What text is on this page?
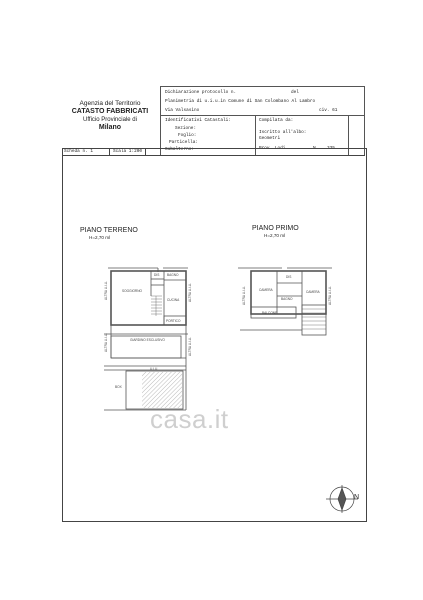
Agenzia del Territorio
CATASTO FABBRICATI
Ufficio Provinciale di
Milano
Dichiarazione protocollo n.	del
Planimetria di u.i.u.in Comune di San Colombano Al Lambro
Via Valsasino	civ. 61
Identificativi Catastali:
Sezione:
Foglio:
Particella:
Subalterno:
Compilata da:
Iscritto all'albo:
Geometri
Prov. Lodi	N. 335
Scheda n. 1	Scala 1:200
PIANO TERRENO
H=2,70 ml
PIANO PRIMO
H=2,70 ml
SOGGIORNO
CUCINA
DIS BAGNO
PORTICO
GIARDINO ESCLUSIVO
BOX
ALTRA U.I.U.	ALTRA U.I.U.
ALTRA U.I.U.	ALTRA U.I.U.
U.I.U.
CAMERA	CAMERA
DIS
BAGNO
BALCONE
ALTRA U.I.U.	ALTRA U.I.U.
N
casa.it
